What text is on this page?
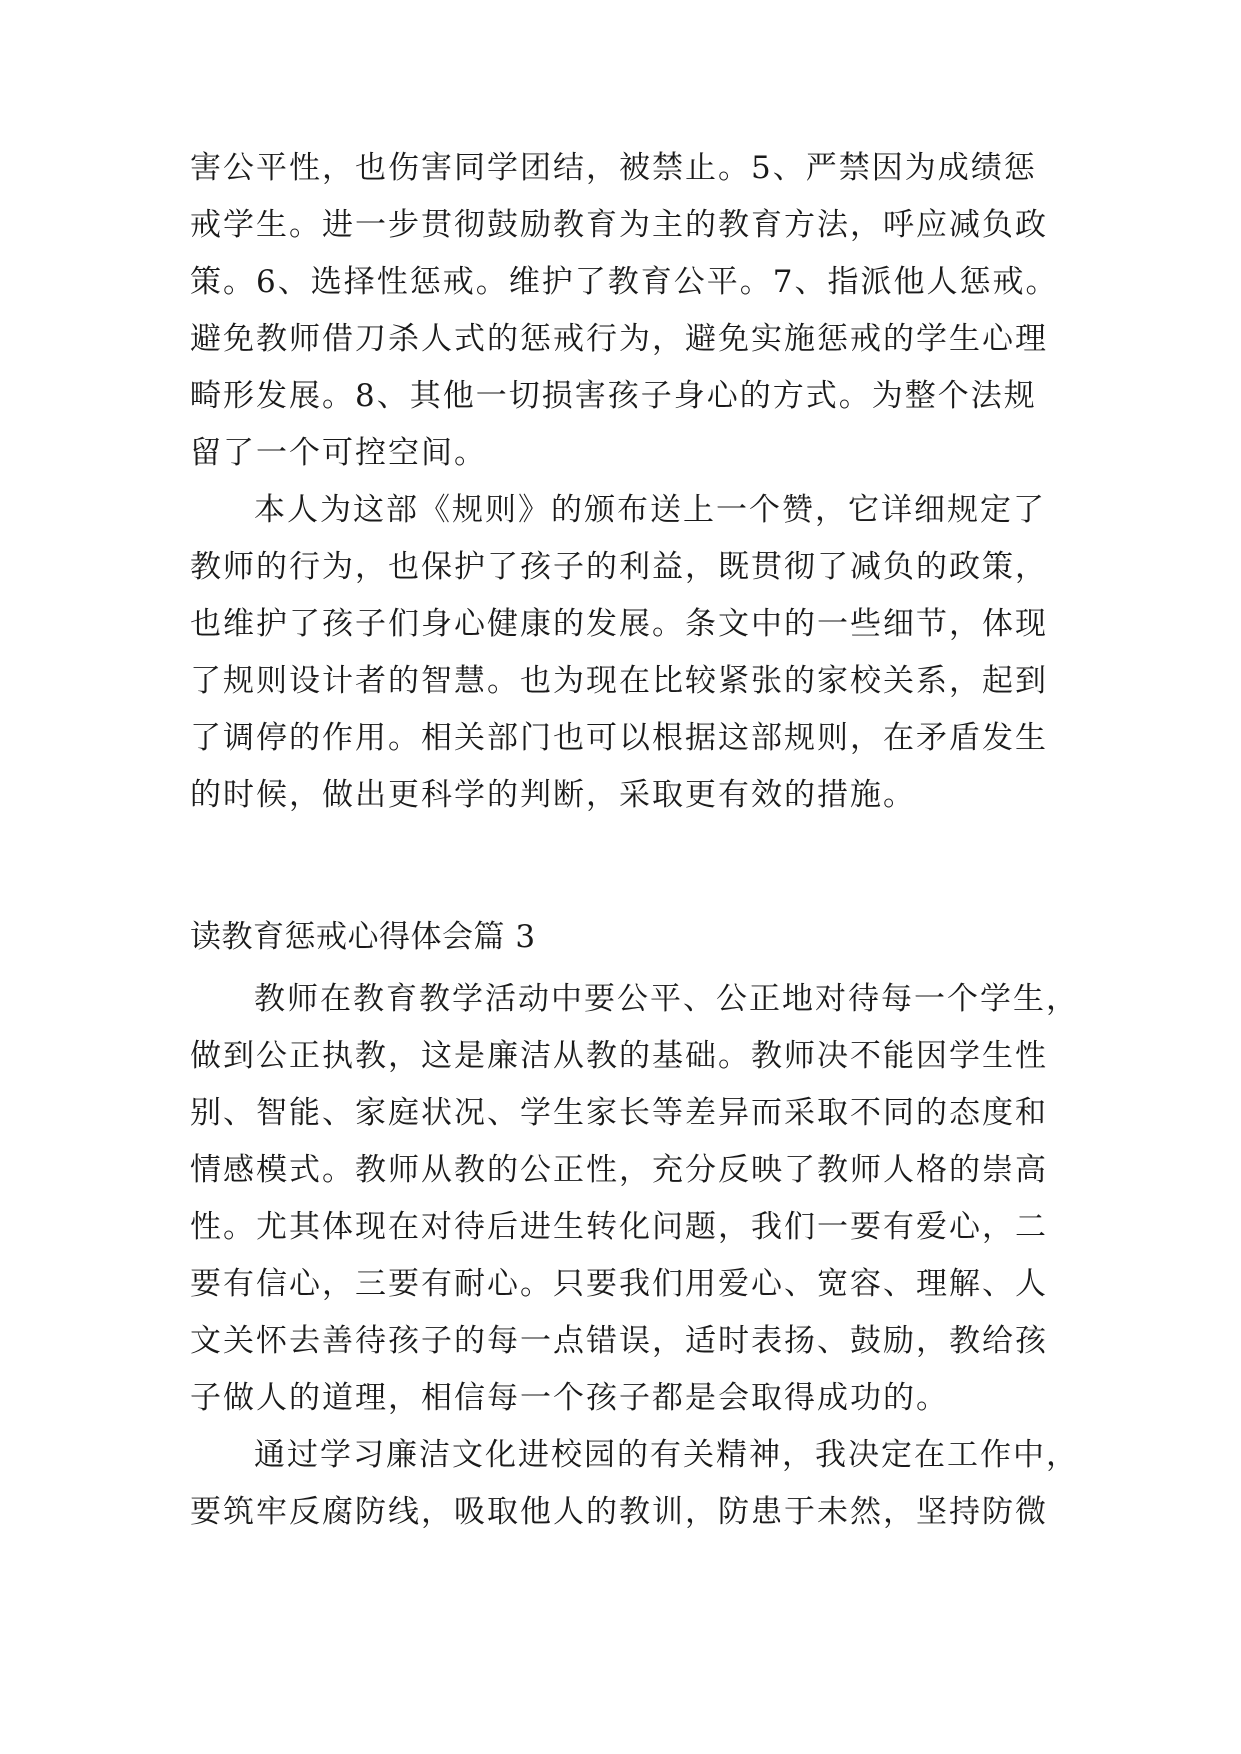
害公平性，也伤害同学团结，被禁止。5、严禁因为成绩惩
戒学生。进一步贯彻鼓励教育为主的教育方法，呼应减负政
策。6、选择性惩戒。维护了教育公平。7、指派他人惩戒。
避免教师借刀杀人式的惩戒行为，避免实施惩戒的学生心理
畸形发展。8、其他一切损害孩子身心的方式。为整个法规
留了一个可控空间。
本人为这部《规则》的颁布送上一个赞，它详细规定了
教师的行为，也保护了孩子的利益，既贯彻了减负的政策，
也维护了孩子们身心健康的发展。条文中的一些细节，体现
了规则设计者的智慧。也为现在比较紧张的家校关系，起到
了调停的作用。相关部门也可以根据这部规则，在矛盾发生
的时候，做出更科学的判断，采取更有效的措施。
读教育惩戒心得体会篇 3
教师在教育教学活动中要公平、公正地对待每一个学生，
做到公正执教，这是廉洁从教的基础。教师决不能因学生性
别、智能、家庭状况、学生家长等差异而采取不同的态度和
情感模式。教师从教的公正性，充分反映了教师人格的崇高
性。尤其体现在对待后进生转化问题，我们一要有爱心，二
要有信心，三要有耐心。只要我们用爱心、宽容、理解、人
文关怀去善待孩子的每一点错误，适时表扬、鼓励，教给孩
子做人的道理，相信每一个孩子都是会取得成功的。
通过学习廉洁文化进校园的有关精神，我决定在工作中，
要筑牢反腐防线，吸取他人的教训，防患于未然，坚持防微
